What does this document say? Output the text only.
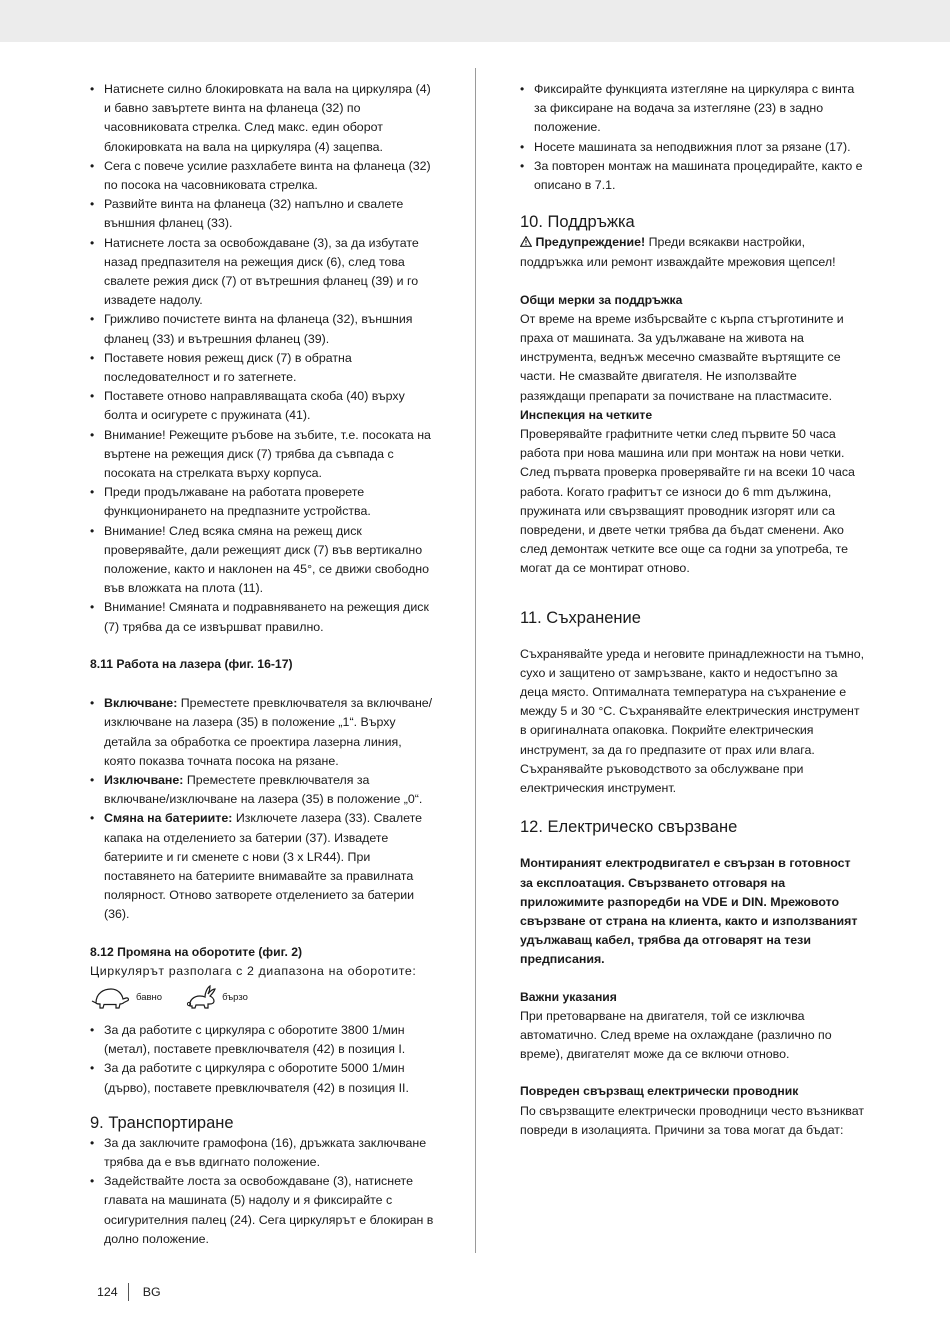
• Натиснете силно блокировката на вала на циркуляра (4) и бавно завъртете винта на фланеца (32) по часовниковата стрелка. След макс. един оборот блокировката на вала на циркуляра (4) зацепва.
• Сега с повече усилие разхлабете винта на фланеца (32) по посока на часовниковата стрелка.
• Развийте винта на фланеца (32) напълно и свалете външния фланец (33).
• Натиснете лоста за освобождаване (3), за да избутате назад предпазителя на режещия диск (6), след това свалете режия диск (7) от вътрешния фланец (39) и го извадете надолу.
• Грижливо почистете винта на фланеца (32), външния фланец (33) и вътрешния фланец (39).
• Поставете новия режещ диск (7) в обратна последователност и го затегнете.
• Поставете отново направляващата скоба (40) върху болта и осигурете с пружината (41).
• Внимание! Режещите ръбове на зъбите, т.е. посоката на въртене на режещия диск (7) трябва да съвпада с посоката на стрелката върху корпуса.
• Преди продължаване на работата проверете функционирането на предпазните устройства.
• Внимание! След всяка смяна на режещ диск проверявайте, дали режещият диск (7) във вертикално положение, както и наклонен на 45°, се движи свободно във вложката на плота (11).
• Внимание! Смяната и подравняването на режещия диск (7) трябва да се извършват правилно.

8.11 Работа на лазера (фиг. 16-17)

• Включване: Преместете превключвателя за включване/изключване на лазера (35) в положение „1“. Върху детайла за обработка се проектира лазерна линия, която показва точната посока на рязане.
• Изключване: Преместете превключвателя за включване/изключване на лазера (35) в положение „0“.
• Смяна на батериите: Изключете лазера (33). Свалете капака на отделението за батерии (37). Извадете батериите и ги сменете с нови (3 x LR44). При поставянето на батериите внимавайте за правилната полярност. Отново затворете отделението за батерии (36).

8.12 Промяна на оборотите (фиг. 2)

Циркулярът разполага с 2 диапазона на оборотите:

бавно	бързо
• За да работите с циркуляра с оборотите 3800 1/мин (метал), поставете превключвателя (42) в позиция I.
• За да работите с циркуляра с оборотите 5000 1/мин (дърво), поставете превключвателя (42) в позиция II.
9. Транспортиране
• За да заключите грамофона (16), дръжката заключване трябва да е във вдигнато положение.
• Задействайте лоста за освобождаване (3), натиснете главата на машината (5) надолу и я фиксирайте с осигурителния палец (24). Сега циркулярът е блокиран в долно положение.
• Фиксирайте функцията изтегляне на циркуляра с винта за фиксиране на водача за изтегляне (23) в задно положение.
• Носете машината за неподвижния плот за рязане (17).
• За повторен монтаж на машината процедирайте, както е описано в 7.1.
10. Поддръжка

Предупреждение! Преди всякакви настройки, поддръжка или ремонт изваждайте мрежовия щепсел!

Общи мерки за поддръжка

От време на време избърсвайте с кърпа стърготините и праха от машината. За удължаване на живота на инструмента, веднъж месечно смазвайте въртящите се части. Не смазвайте двигателя. Не използвайте разяждащи препарати за почистване на пластмасите.

Инспекция на четките

Проверявайте графитните четки след първите 50 часа работа при нова машина или при монтаж на нови четки. След първата проверка проверявайте ги на всеки 10 часа работа. Когато графитът се износи до 6 mm дължина, пружината или свързващият проводник изгорят или са повредени, и двете четки трябва да бъдат сменени. Ако след демонтаж четките все още са годни за употреба, те могат да се монтират отново.

11. Съхранение

Съхранявайте уреда и неговите принадлежности на тъмно, сухо и защитено от замръзване, както и недостъпно за деца място. Оптималната температура на съхранение е между 5 и 30 °C. Съхранявайте електрическия инструмент в оригиналната опаковка. Покрийте електрическия инструмент, за да го предпазите от прах или влага. Съхранявайте ръководството за обслужване при електрическия инструмент.

12. Електрическо свързване

Монтираният електродвигател е свързан в готовност за експлоатация. Свързването отговаря на приложимите разпоредби на VDE и DIN. Мрежовото свързване от страна на клиента, както и използваният удължаващ кабел, трябва да отговарят на тези предписания.

Важни указания

При претоварване на двигателя, той се изключва автоматично. След време на охлаждане (различно по време), двигателят може да се включи отново.

Повреден свързващ електрически проводник

По свързващите електрически проводници често възникват повреди в изолацията. Причини за това могат да бъдат:

124 BG
